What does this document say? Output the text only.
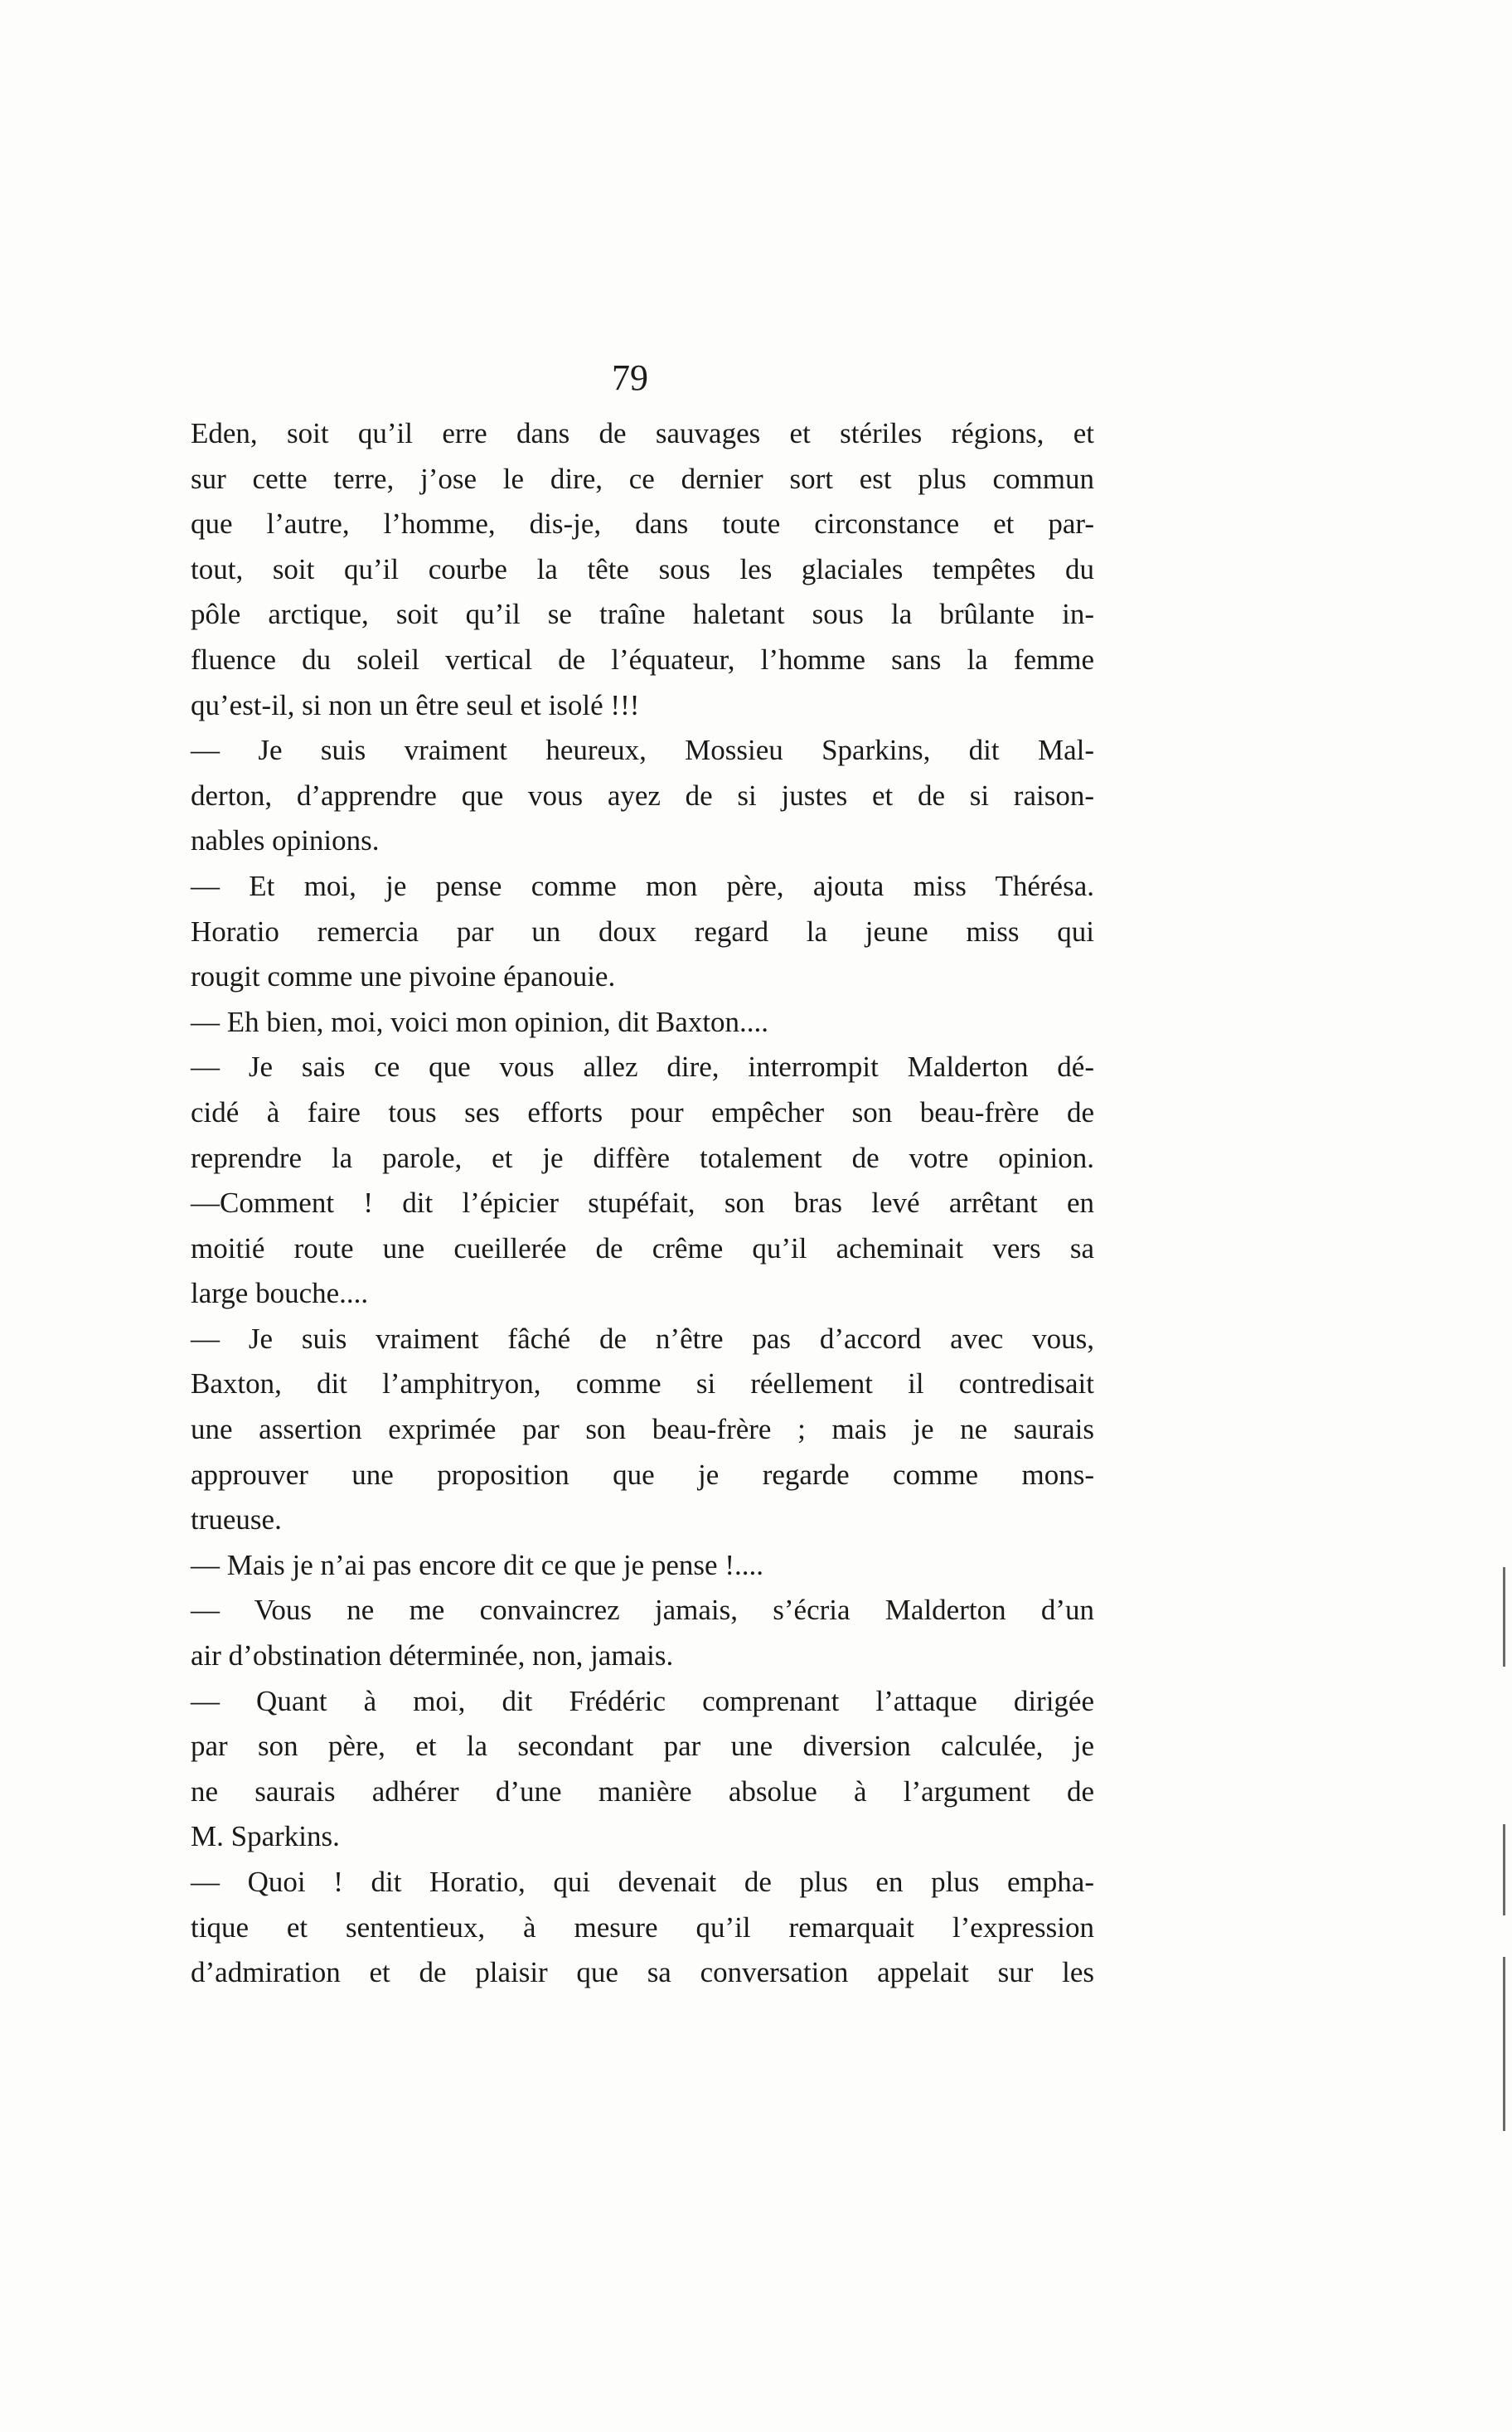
79
Eden, soit qu’il erre dans de sauvages et stériles régions, et
sur cette terre, j’ose le dire, ce dernier sort est plus commun
que l’autre, l’homme, dis-je, dans toute circonstance et par-
tout, soit qu’il courbe la tête sous les glaciales tempêtes du
pôle arctique, soit qu’il se traîne haletant sous la brûlante in-
fluence du soleil vertical de l’équateur, l’homme sans la femme
qu’est-il, si non un être seul et isolé !!!
— Je suis vraiment heureux, Mossieu Sparkins, dit Mal-
derton, d’apprendre que vous ayez de si justes et de si raison-
nables opinions.
— Et moi, je pense comme mon père, ajouta miss Thérésa.
Horatio remercia par un doux regard la jeune miss qui
rougit comme une pivoine épanouie.
— Eh bien, moi, voici mon opinion, dit Baxton....
— Je sais ce que vous allez dire, interrompit Malderton dé-
cidé à faire tous ses efforts pour empêcher son beau-frère de
reprendre la parole, et je diffère totalement de votre opinion.
—Comment ! dit l’épicier stupéfait, son bras levé arrêtant en
moitié route une cueillerée de crême qu’il acheminait vers sa
large bouche....
— Je suis vraiment fâché de n’être pas d’accord avec vous,
Baxton, dit l’amphitryon, comme si réellement il contredisait
une assertion exprimée par son beau-frère ; mais je ne saurais
approuver une proposition que je regarde comme mons-
trueuse.
— Mais je n’ai pas encore dit ce que je pense !....
— Vous ne me convaincrez jamais, s’écria Malderton d’un
air d’obstination déterminée, non, jamais.
— Quant à moi, dit Frédéric comprenant l’attaque dirigée
par son père, et la secondant par une diversion calculée, je
ne saurais adhérer d’une manière absolue à l’argument de
M. Sparkins.
— Quoi ! dit Horatio, qui devenait de plus en plus empha-
tique et sententieux, à mesure qu’il remarquait l’expression
d’admiration et de plaisir que sa conversation appelait sur les
